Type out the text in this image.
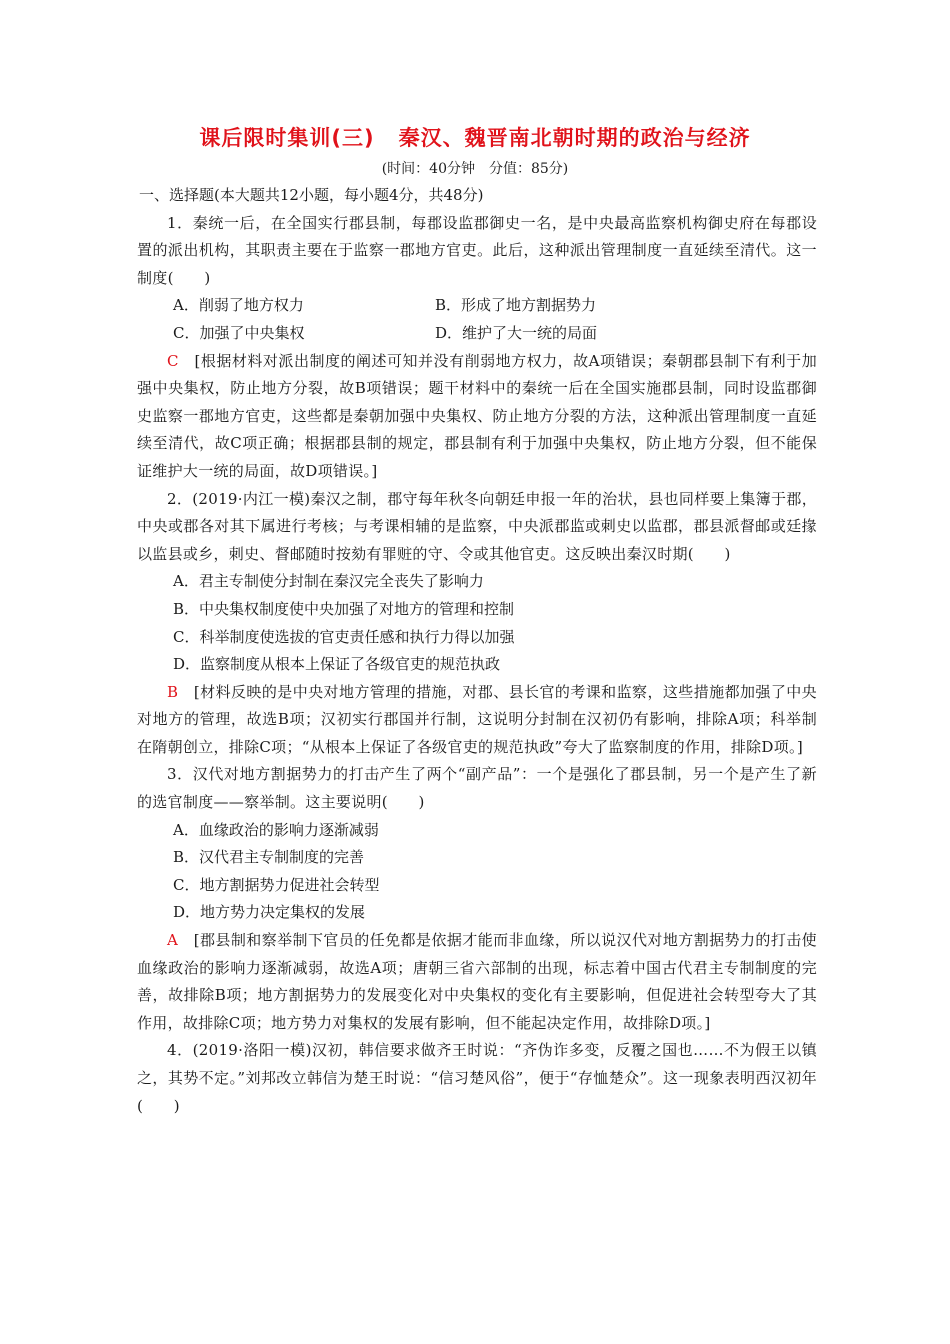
课后限时集训(三) 秦汉、魏晋南北朝时期的政治与经济
(时间：40分钟　分值：85分)

一、选择题(本大题共12小题，每小题4分，共48分)

1．秦统一后，在全国实行郡县制，每郡设监郡御史一名，是中央最高监察机构御史府在每郡设置的派出机构，其职责主要在于监察一郡地方官吏。此后，这种派出管理制度一直延续至清代。这一制度(　　)

A．削弱了地方权力	B．形成了地方割据势力
C．加强了中央集权	D．维护了大一统的局面

C　[根据材料对派出制度的阐述可知并没有削弱地方权力，故A项错误；秦朝郡县制下有利于加强中央集权，防止地方分裂，故B项错误；题干材料中的秦统一后在全国实施郡县制，同时设监郡御史监察一郡地方官吏，这些都是秦朝加强中央集权、防止地方分裂的方法，这种派出管理制度一直延续至清代，故C项正确；根据郡县制的规定，郡县制有利于加强中央集权，防止地方分裂，但不能保证维护大一统的局面，故D项错误。]

2．(2019·内江一模)秦汉之制，郡守每年秋冬向朝廷申报一年的治状，县也同样要上集簿于郡，中央或郡各对其下属进行考核；与考课相辅的是监察，中央派郡监或刺史以监郡，郡县派督邮或廷掾以监县或乡，刺史、督邮随时按劾有罪赃的守、令或其他官吏。这反映出秦汉时期(　　)

A．君主专制使分封制在秦汉完全丧失了影响力

B．中央集权制度使中央加强了对地方的管理和控制

C．科举制度使选拔的官吏责任感和执行力得以加强

D．监察制度从根本上保证了各级官吏的规范执政

B　[材料反映的是中央对地方管理的措施，对郡、县长官的考课和监察，这些措施都加强了中央对地方的管理，故选B项；汉初实行郡国并行制，这说明分封制在汉初仍有影响，排除A项；科举制在隋朝创立，排除C项；“从根本上保证了各级官吏的规范执政”夸大了监察制度的作用，排除D项。]

3．汉代对地方割据势力的打击产生了两个“副产品”：一个是强化了郡县制，另一个是产生了新的选官制度——察举制。这主要说明(　　)

A．血缘政治的影响力逐渐减弱

B．汉代君主专制制度的完善

C．地方割据势力促进社会转型

D．地方势力决定集权的发展

A　[郡县制和察举制下官员的任免都是依据才能而非血缘，所以说汉代对地方割据势力的打击使血缘政治的影响力逐渐减弱，故选A项；唐朝三省六部制的出现，标志着中国古代君主专制制度的完善，故排除B项；地方割据势力的发展变化对中央集权的变化有主要影响，但促进社会转型夸大了其作用，故排除C项；地方势力对集权的发展有影响，但不能起决定作用，故排除D项。]

4．(2019·洛阳一模)汉初，韩信要求做齐王时说：“齐伪诈多变，反覆之国也……不为假王以镇之，其势不定。”刘邦改立韩信为楚王时说：“信习楚风俗”，便于“存恤楚众”。这一现象表明西汉初年(　　)
